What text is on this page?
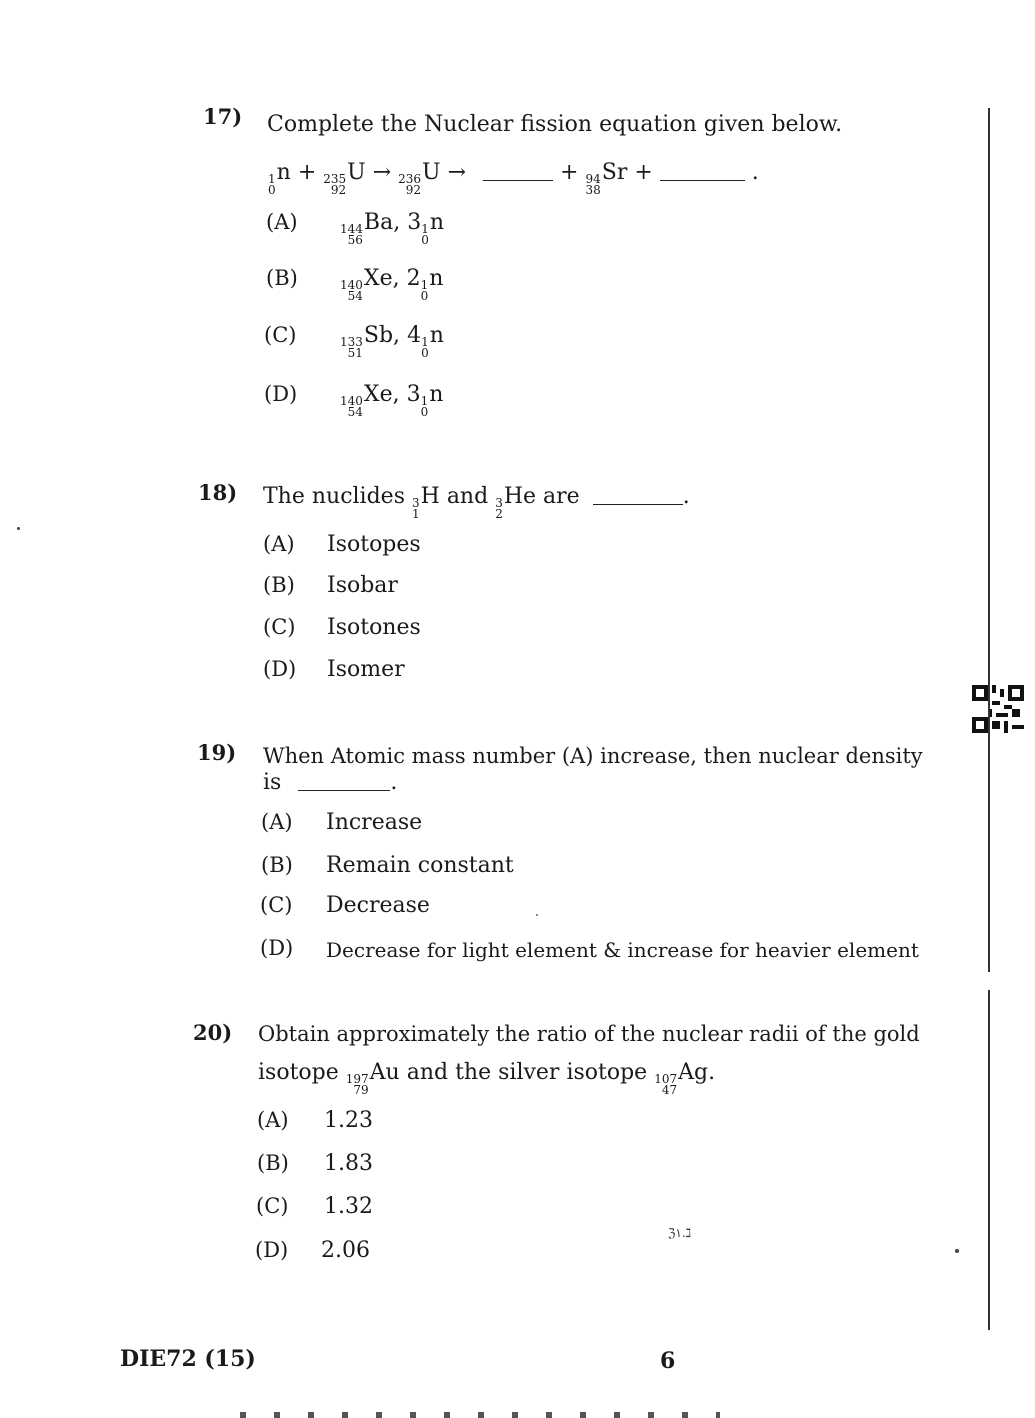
17) Complete the Nuclear fission equation given below.
1
0
n + 235
92
U → 236
92
U →	+ 94
38
Sr +	.
(A)	144
56
Ba, 3 1
0
n
(B)	140
54
Xe, 2 1
0
n
(C)	133
51
Sb, 4 1
0
n
(D)	140
54
Xe, 3 1
0
n
18) The nuclides 3
1
H and 3
2
He are	.
(A) Isotopes
(B) Isobar
(C) Isotones
(D) Isomer
19) When Atomic mass number (A) increase, then nuclear density
is	.
(A) Increase
(B) Remain constant
(C) Decrease
(D) Decrease for light element & increase for heavier element
20) Obtain approximately the ratio of the nuclear radii of the gold
isotope 197
79
Au and the silver isotope 107
47
Ag.
(A) 1.23
(B) 1.83
(C) 1.32
(D) 2.06
ℨ۱.ℷ
DIE72 (15)	6
